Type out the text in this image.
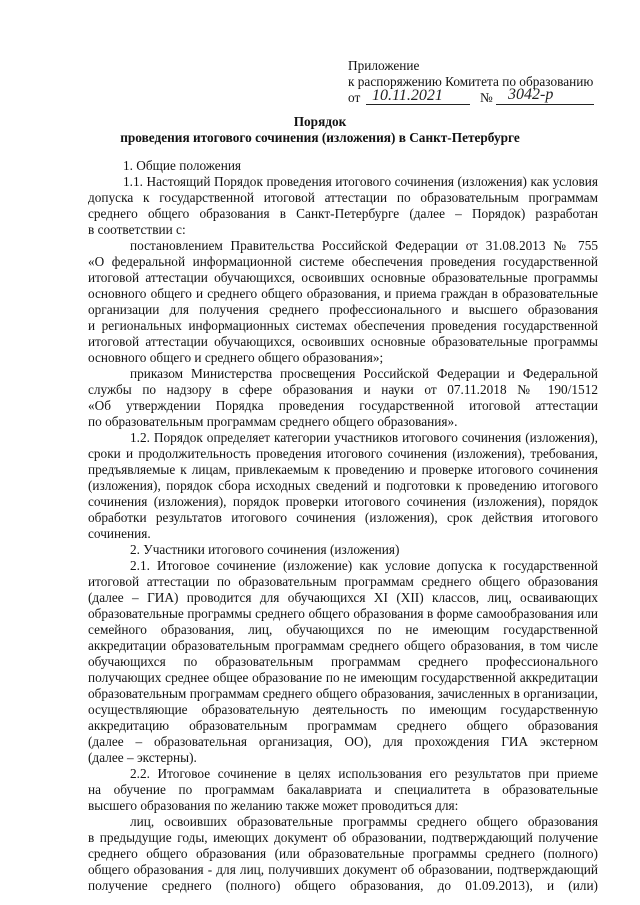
Приложение
к распоряжению Комитета по образованию
от 10.11.2021	№ 3042-р
Порядок
проведения итогового сочинения (изложения) в Санкт-Петербурге
1. Общие положения
1.1. Настоящий Порядок проведения итогового сочинения (изложения) как условия
допуска к государственной итоговой аттестации по образовательным программам
среднего общего образования в Санкт-Петербурге (далее – Порядок) разработан
в соответствии с:
постановлением Правительства Российской Федерации от 31.08.2013 № 755
«О федеральной информационной системе обеспечения проведения государственной
итоговой аттестации обучающихся, освоивших основные образовательные программы
основного общего и среднего общего образования, и приема граждан в образовательные
организации для получения среднего профессионального и высшего образования
и региональных информационных системах обеспечения проведения государственной
итоговой аттестации обучающихся, освоивших основные образовательные программы
основного общего и среднего общего образования»;
приказом Министерства просвещения Российской Федерации и Федеральной
службы по надзору в сфере образования и науки от 07.11.2018 № 190/1512
«Об утверждении Порядка проведения государственной итоговой аттестации
по образовательным программам среднего общего образования».
1.2. Порядок определяет категории участников итогового сочинения (изложения),
сроки и продолжительность проведения итогового сочинения (изложения), требования,
предъявляемые к лицам, привлекаемым к проведению и проверке итогового сочинения
(изложения), порядок сбора исходных сведений и подготовки к проведению итогового
сочинения (изложения), порядок проверки итогового сочинения (изложения), порядок
обработки результатов итогового сочинения (изложения), срок действия итогового
сочинения.
2. Участники итогового сочинения (изложения)
2.1. Итоговое сочинение (изложение) как условие допуска к государственной
итоговой аттестации по образовательным программам среднего общего образования
(далее – ГИА) проводится для обучающихся XI (XII) классов, лиц, осваивающих
образовательные программы среднего общего образования в форме самообразования или
семейного образования, лиц, обучающихся по не имеющим государственной
аккредитации образовательным программам среднего общего образования, в том числе
обучающихся по образовательным программам среднего профессионального
получающих среднее общее образование по не имеющим государственной аккредитации
образовательным программам среднего общего образования, зачисленных в организации,
осуществляющие образовательную деятельность по имеющим государственную
аккредитацию образовательным программам среднего общего образования
(далее – образовательная организация, ОО), для прохождения ГИА экстерном
(далее – экстерны).
2.2. Итоговое сочинение в целях использования его результатов при приеме
на обучение по программам бакалавриата и специалитета в образовательные
высшего образования по желанию также может проводиться для:
лиц, освоивших образовательные программы среднего общего образования
в предыдущие годы, имеющих документ об образовании, подтверждающий получение
среднего общего образования (или образовательные программы среднего (полного)
общего образования - для лиц, получивших документ об образовании, подтверждающий
получение среднего (полного) общего образования, до 01.09.2013), и (или)
